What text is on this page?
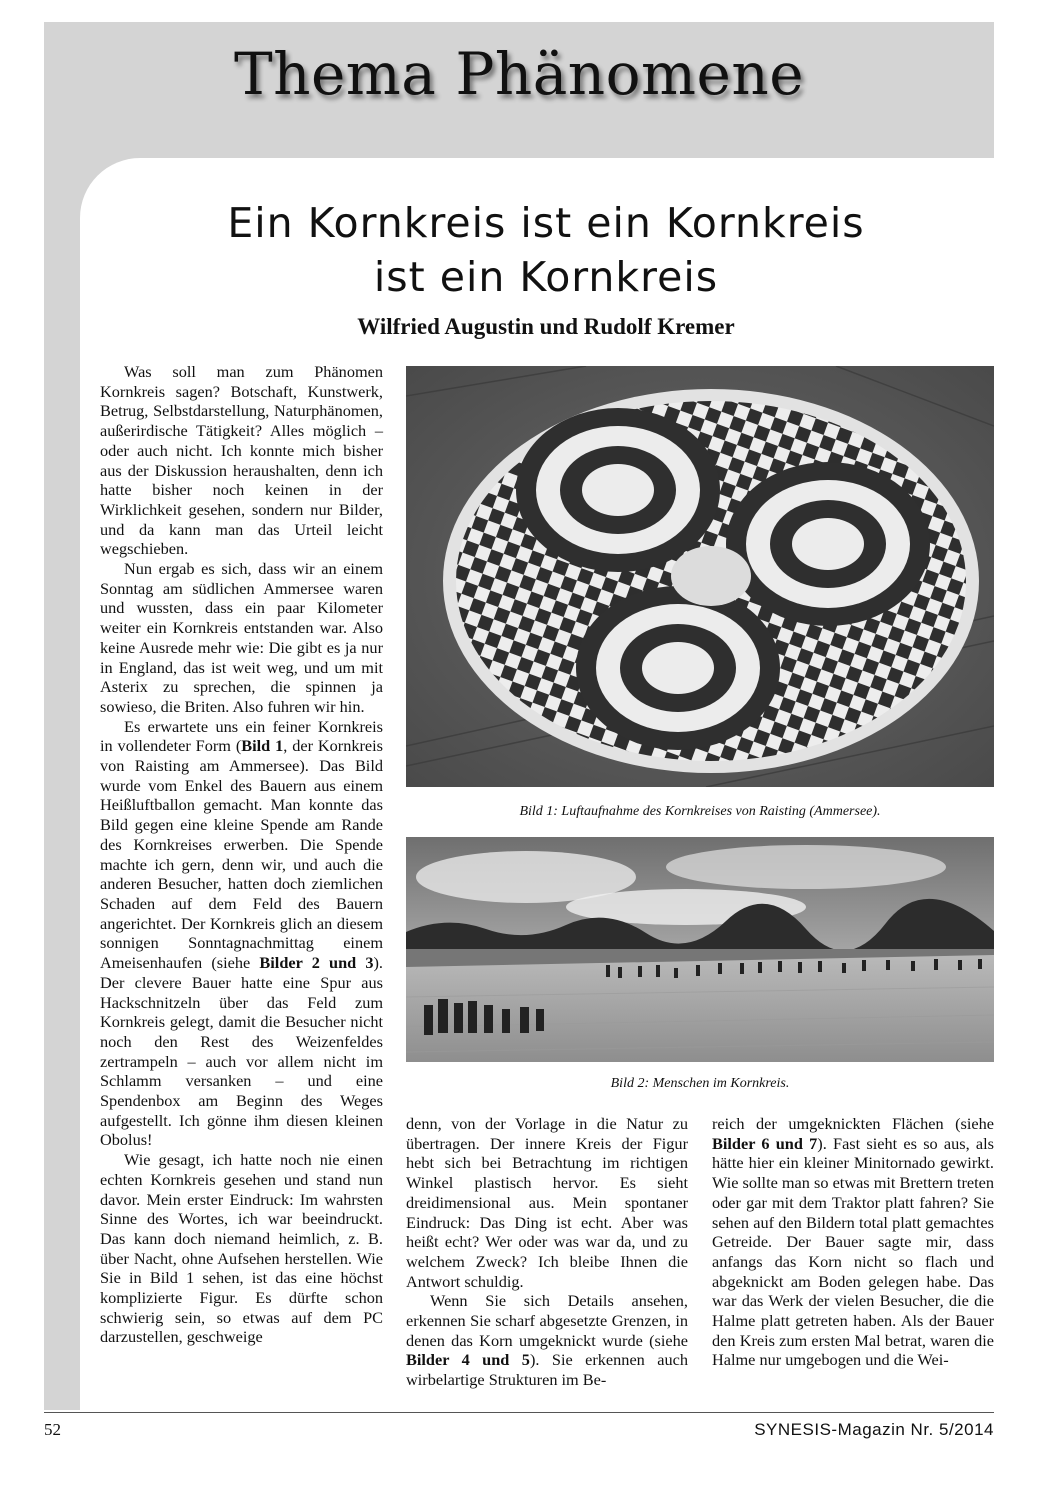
Thema Phänomene
Ein Kornkreis ist ein Kornkreis
ist ein Kornkreis
Wilfried Augustin und Rudolf Kremer

Was soll man zum Phänomen Kornkreis sagen? Botschaft, Kunstwerk, Betrug, Selbstdarstellung, Naturphänomen, außerirdische Tätigkeit? Alles möglich – oder auch nicht. Ich konnte mich bisher aus der Diskussion heraushalten, denn ich hatte bisher noch keinen in der Wirklichkeit gesehen, sondern nur Bilder, und da kann man das Urteil leicht wegschieben.

Nun ergab es sich, dass wir an einem Sonntag am südlichen Ammersee waren und wussten, dass ein paar Kilometer weiter ein Kornkreis entstanden war. Also keine Ausrede mehr wie: Die gibt es ja nur in England, das ist weit weg, und um mit Asterix zu sprechen, die spinnen ja sowieso, die Briten. Also fuhren wir hin.

Es erwartete uns ein feiner Kornkreis in vollendeter Form (Bild 1, der Kornkreis von Raisting am Ammersee). Das Bild wurde vom Enkel des Bauern aus einem Heißluftballon gemacht. Man konnte das Bild gegen eine kleine Spende am Rande des Kornkreises erwerben. Die Spende machte ich gern, denn wir, und auch die anderen Besucher, hatten doch ziemlichen Schaden auf dem Feld des Bauern angerichtet. Der Kornkreis glich an diesem sonnigen Sonntagnachmittag einem Ameisenhaufen (siehe Bilder 2 und 3). Der clevere Bauer hatte eine Spur aus Hackschnitzeln über das Feld zum Kornkreis gelegt, damit die Besucher nicht noch den Rest des Weizenfeldes zertrampeln – auch vor allem nicht im Schlamm versanken – und eine Spendenbox am Beginn des Weges aufgestellt. Ich gönne ihm diesen kleinen Obolus!

Wie gesagt, ich hatte noch nie einen echten Kornkreis gesehen und stand nun davor. Mein erster Eindruck: Im wahrsten Sinne des Wortes, ich war beeindruckt. Das kann doch niemand heimlich, z. B. über Nacht, ohne Aufsehen herstellen. Wie Sie in Bild 1 sehen, ist das eine höchst komplizierte Figur. Es dürfte schon schwierig sein, so etwas auf dem PC darzustellen, geschweige

Bild 1: Luftaufnahme des Kornkreises von Raisting (Ammersee).
Bild 2: Menschen im Kornkreis.

denn, von der Vorlage in die Natur zu übertragen. Der innere Kreis der Figur hebt sich bei Betrachtung im richtigen Winkel plastisch hervor. Es sieht dreidimensional aus. Mein spontaner Eindruck: Das Ding ist echt. Aber was heißt echt? Wer oder was war da, und zu welchem Zweck? Ich bleibe Ihnen die Antwort schuldig.

Wenn Sie sich Details ansehen, erkennen Sie scharf abgesetzte Grenzen, in denen das Korn umgeknickt wurde (siehe Bilder 4 und 5). Sie erkennen auch wirbelartige Strukturen im Be-

reich der umgeknickten Flächen (siehe Bilder 6 und 7). Fast sieht es so aus, als hätte hier ein kleiner Minitornado gewirkt. Wie sollte man so etwas mit Brettern treten oder gar mit dem Traktor platt fahren? Sie sehen auf den Bildern total platt gemachtes Getreide. Der Bauer sagte mir, dass anfangs das Korn nicht so flach und abgeknickt am Boden gelegen habe. Das war das Werk der vielen Besucher, die die Halme platt getreten haben. Als der Bauer den Kreis zum ersten Mal betrat, waren die Halme nur umgebogen und die Wei-

52	SYNESIS-Magazin Nr. 5/2014
